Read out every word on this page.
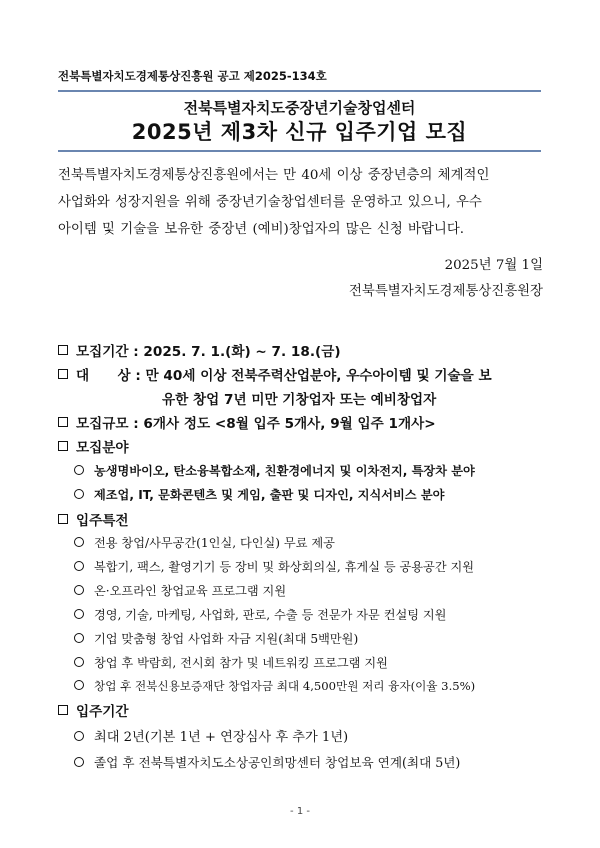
전북특별자치도경제통상진흥원 공고 제2025-134호
전북특별자치도중장년기술창업센터
2025년 제3차 신규 입주기업 모집
전북특별자치도경제통상진흥원에서는 만 40세 이상 중장년층의 체계적인
사업화와 성장지원을 위해 중장년기술창업센터를 운영하고 있으니, 우수
아이템 및 기술을 보유한 중장년 (예비)창업자의 많은 신청 바랍니다.
2025년 7월 1일
전북특별자치도경제통상진흥원장
모집기간 : 2025. 7. 1.(화) ~ 7. 18.(금)
대      상 : 만 40세 이상 전북주력산업분야, 우수아이템 및 기술을 보
유한 창업 7년 미만 기창업자 또는 예비창업자
모집규모 : 6개사 정도 <8월 입주 5개사, 9월 입주 1개사>
모집분야
농생명바이오, 탄소융복합소재, 친환경에너지 및 이차전지, 특장차 분야
제조업, IT, 문화콘텐츠 및 게임, 출판 및 디자인, 지식서비스 분야
입주특전
전용 창업/사무공간(1인실, 다인실) 무료 제공
복합기, 팩스, 촬영기기 등 장비 및 화상회의실, 휴게실 등 공용공간 지원
온·오프라인 창업교육 프로그램 지원
경영, 기술, 마케팅, 사업화, 판로, 수출 등 전문가 자문 컨설팅 지원
기업 맞춤형 창업 사업화 자금 지원(최대 5백만원)
창업 후 박람회, 전시회 참가 및 네트워킹 프로그램 지원
창업 후 전북신용보증재단 창업자금 최대 4,500만원 저리 융자(이율 3.5%)
입주기간
최대 2년(기본 1년 + 연장심사 후 추가 1년)
졸업 후 전북특별자치도소상공인희망센터 창업보육 연계(최대 5년)
- 1 -
